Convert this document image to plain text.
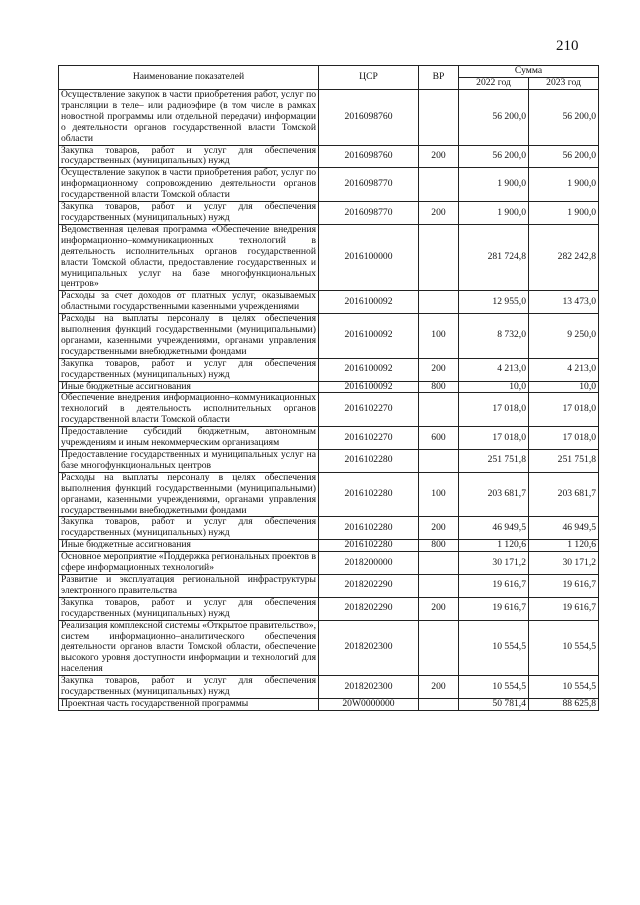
210
Наименование показателей	ЦСР	ВР	Сумма	
			2022 год	2023 год
Осуществление закупок в части приобретения работ, услуг по трансляции в теле– или радиоэфире (в том числе в рамках новостной программы или отдельной передачи) информации о деятельности органов государственной власти Томской области	2016098760		56 200,0	56 200,0
Закупка товаров, работ и услуг для обеспечения государственных (муниципальных) нужд	2016098760	200	56 200,0	56 200,0
Осуществление закупок в части приобретения работ, услуг по информационному сопровождению деятельности органов государственной власти Томской области	2016098770		1 900,0	1 900,0
Закупка товаров, работ и услуг для обеспечения государственных (муниципальных) нужд	2016098770	200	1 900,0	1 900,0
Ведомственная целевая программа «Обеспечение внедрения информационно–коммуникационных технологий в деятельность исполнительных органов государственной власти Томской области, предоставление государственных и муниципальных услуг на базе многофункциональных центров»	2016100000		281 724,8	282 242,8
Расходы за счет доходов от платных услуг, оказываемых областными государственными казенными учреждениями	2016100092		12 955,0	13 473,0
Расходы на выплаты персоналу в целях обеспечения выполнения функций государственными (муниципальными) органами, казенными учреждениями, органами управления государственными внебюджетными фондами	2016100092	100	8 732,0	9 250,0
Закупка товаров, работ и услуг для обеспечения государственных (муниципальных) нужд	2016100092	200	4 213,0	4 213,0
Иные бюджетные ассигнования	2016100092	800	10,0	10,0
Обеспечение внедрения информационно–коммуникационных технологий в деятельность исполнительных органов государственной власти Томской области	2016102270		17 018,0	17 018,0
Предоставление субсидий бюджетным, автономным учреждениям и иным некоммерческим организациям	2016102270	600	17 018,0	17 018,0
Предоставление государственных и муниципальных услуг на базе многофункциональных центров	2016102280		251 751,8	251 751,8
Расходы на выплаты персоналу в целях обеспечения выполнения функций государственными (муниципальными) органами, казенными учреждениями, органами управления государственными внебюджетными фондами	2016102280	100	203 681,7	203 681,7
Закупка товаров, работ и услуг для обеспечения государственных (муниципальных) нужд	2016102280	200	46 949,5	46 949,5
Иные бюджетные ассигнования	2016102280	800	1 120,6	1 120,6
Основное мероприятие «Поддержка региональных проектов в сфере информационных технологий»	2018200000		30 171,2	30 171,2
Развитие и эксплуатация региональной инфраструктуры электронного правительства	2018202290		19 616,7	19 616,7
Закупка товаров, работ и услуг для обеспечения государственных (муниципальных) нужд	2018202290	200	19 616,7	19 616,7
Реализация комплексной системы «Открытое правительство», систем информационно–аналитического обеспечения деятельности органов власти Томской области, обеспечение высокого уровня доступности информации и технологий для населения	2018202300		10 554,5	10 554,5
Закупка товаров, работ и услуг для обеспечения государственных (муниципальных) нужд	2018202300	200	10 554,5	10 554,5
Проектная часть государственной программы	20W0000000		50 781,4	88 625,8
